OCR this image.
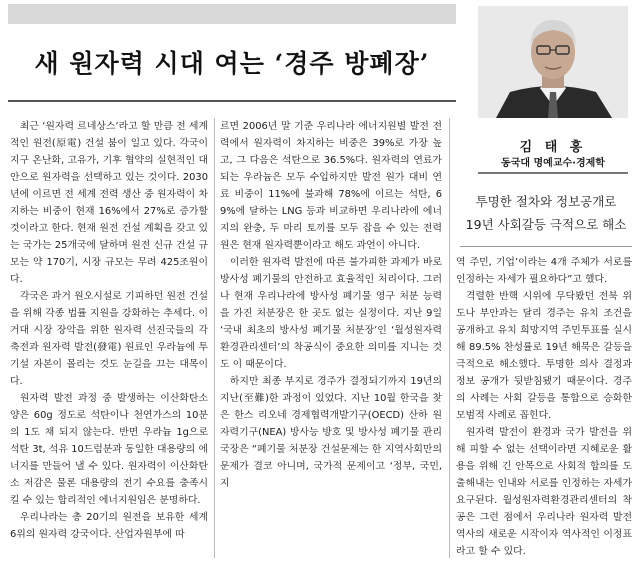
새 원자력 시대 여는 ‘경주 방폐장’
김 태 홍
동국대 명예교수·경제학
투명한 절차와 정보공개로
19년 사회갈등 극적으로 해소

최근 ‘원자력 르네상스’라고 할 만큼 전 세계적인 원전(原電) 건설 붐이 일고 있다. 각국이 지구 온난화, 고유가, 기후 협약의 실현적인 대안으로 원자력을 선택하고 있는 것이다. 2030년에 이르면 전 세계 전력 생산 중 원자력이 차지하는 비중이 현재 16%에서 27%로 증가할 것이라고 한다. 현재 원전 건설 계획을 갖고 있는 국가는 25개국에 달하며 원전 신규 건설 규모는 약 170기, 시장 규모는 무려 425조원이다.

각국은 과거 원오시설로 기피하던 원전 건설을 위해 각종 법률 지원을 강화하는 추세다. 이 거대 시장 장악을 위한 원자력 선진국들의 각축전과 원자력 발전(發電) 원료인 우라늄에 투기설 자본이 몰리는 것도 눈길을 끄는 대목이다.

원자력 발전 과정 중 발생하는 이산화탄소 양은 60g 정도로 석탄이나 천연가스의 10분의 1도 채 되지 않는다. 반면 우라늄 1g으로 석탄 3t, 석유 10드럼분과 동일한 대용량의 에너지를 만들어 낼 수 있다. 원자력이 이산화탄소 저감은 물론 대용량의 전기 수요를 충족시킬 수 있는 합리적인 에너지원임은 분명하다.

우리나라는 총 20기의 원전을 보유한 세계 6위의 원자력 강국이다. 산업자원부에 따

르면 2006년 말 기준 우리나라 에너지원별 발전 전력에서 원자력이 차지하는 비중은 39%로 가장 높고, 그 다음은 석탄으로 36.5%다. 원자력의 연료가 되는 우라늄은 모두 수입하지만 발전 원가 대비 연료 비중이 11%에 불과해 78%에 이르는 석탄, 69%에 달하는 LNG 등과 비교하면 우리나라에 에너지의 완충, 두 마리 토끼를 모두 잡을 수 있는 전력원은 현재 원자력뿐이라고 해도 과언이 아니다.

이러한 원자력 발전에 따른 불가피한 과제가 바로 방사성 폐기물의 안전하고 효율적인 처리이다. 그러나 현재 우리나라에 방사성 폐기물 영구 처분 능력을 가진 처분장은 한 곳도 없는 실정이다. 지난 9일 ‘국내 최초의 방사성 폐기물 처분장’인 ‘월성원자력환경관리센터’의 착공식이 중요한 의미를 지니는 것도 이 때문이다.

하지만 최종 부지로 경주가 결정되기까지 19년의 지난(至難)한 과정이 있었다. 지난 10월 한국을 찾은 한스 리오네 경제협력개발기구(OECD) 산하 원자력기구(NEA) 방사능 방호 및 방사성 폐기물 관리국장은 “폐기물 처분장 건설문제는 한 지역사회만의 문제가 결코 아니며, 국가적 문제이고 ‘정부, 국민, 지

역 주민, 기업’이라는 4개 주체가 서로를 인정하는 자세가 필요하다”고 했다.

격렬한 반핵 시위에 무닥봤던 전북 위도나 부안과는 달리 경주는 유치 조건을 공개하고 유치 희망지역 주민투표를 실시해 89.5% 찬성률로 19년 해묵은 갈등을 극적으로 해소했다. 투명한 의사 결정과 정보 공개가 뒷받침됐기 때문이다. 경주의 사례는 사회 갈등을 통합으로 승화한 모범적 사례로 꼽힌다.

원자력 발전이 환경과 국가 발전을 위해 피할 수 없는 선택이라면 지혜로운 활용을 위해 긴 안목으로 사회적 합의를 도출해내는 인내와 서로를 인정하는 자세가 요구된다. 월성원자력환경관리센터의 착공은 그런 점에서 우리나라 원자력 발전 역사의 새로운 시작이자 역사적인 이정표라고 할 수 있다.
